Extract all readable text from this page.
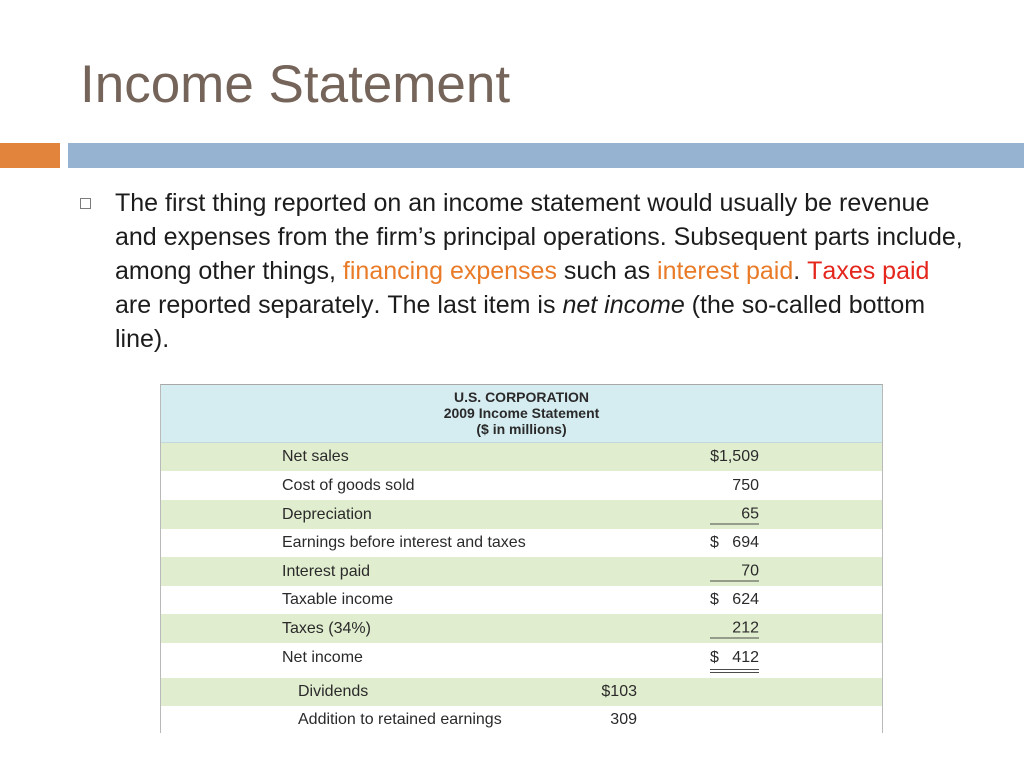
Income Statement
The first thing reported on an income statement would usually be revenue
and expenses from the firm’s principal operations. Subsequent parts include,
among other things, financing expenses such as interest paid. Taxes paid
are reported separately. The last item is net income (the so-called bottom
line).
U.S. CORPORATION
2009 Income Statement
($ in millions)
Net sales	$1,509
Cost of goods sold	750
Depreciation	65
Earnings before interest and taxes	$ 694
Interest paid	70
Taxable income	$ 624
Taxes (34%)	212
Net income	$ 412
Dividends	$103
Addition to retained earnings	309
